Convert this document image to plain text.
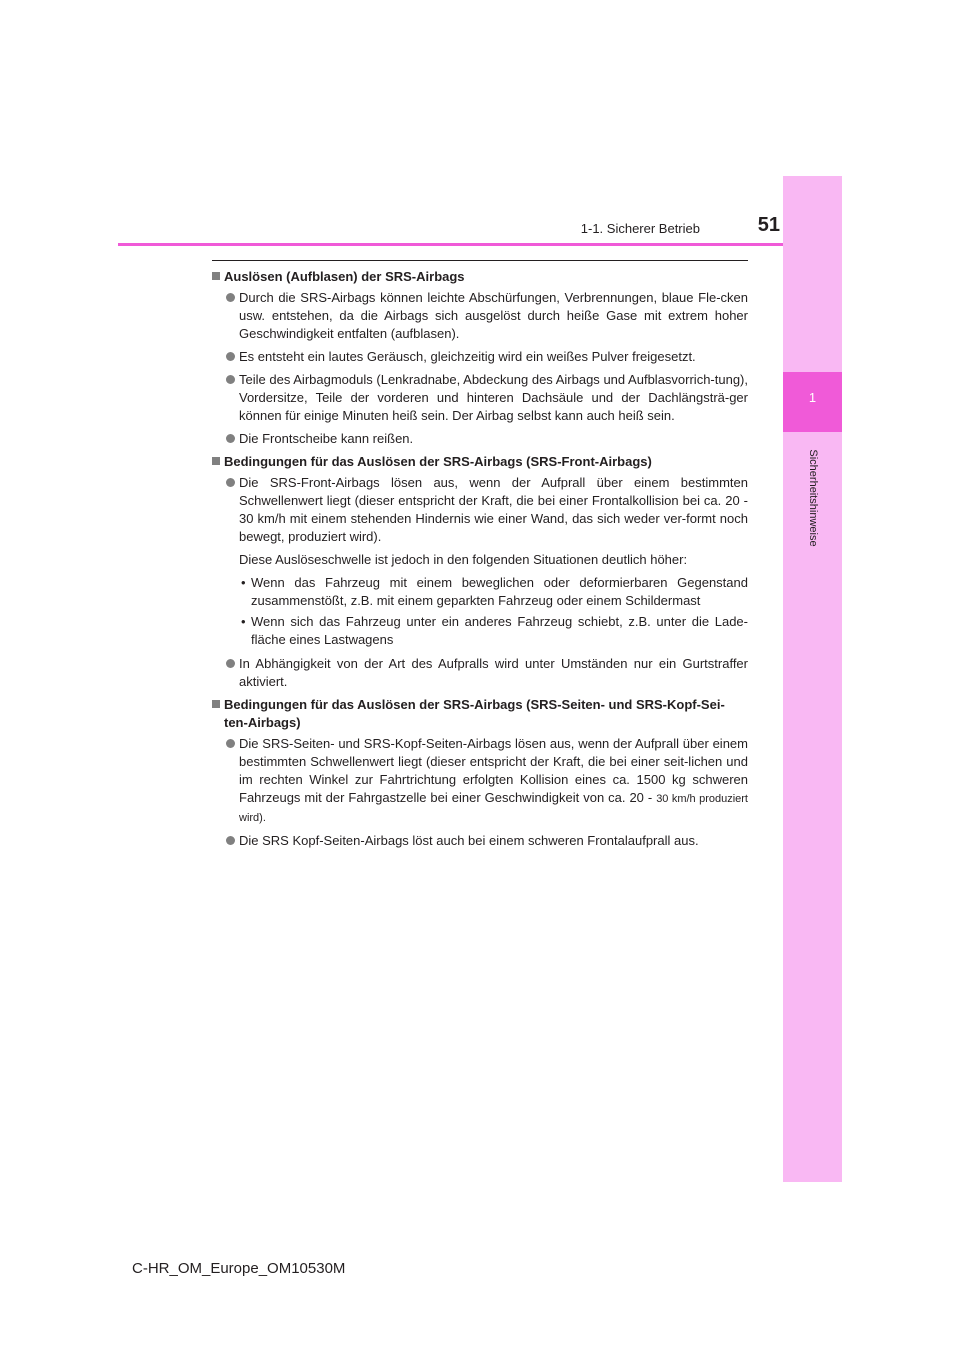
1
Sicherheitshinweise
1-1. Sicherer Betrieb	51
Auslösen (Aufblasen) der SRS-Airbags
Durch die SRS-Airbags können leichte Abschürfungen, Verbrennungen, blaue Fle-cken usw. entstehen, da die Airbags sich ausgelöst durch heiße Gase mit extrem hoher Geschwindigkeit entfalten (aufblasen).
Es entsteht ein lautes Geräusch, gleichzeitig wird ein weißes Pulver freigesetzt.
Teile des Airbagmoduls (Lenkradnabe, Abdeckung des Airbags und Aufblasvorrich-tung), Vordersitze, Teile der vorderen und hinteren Dachsäule und der Dachlängsträ-ger können für einige Minuten heiß sein. Der Airbag selbst kann auch heiß sein.
Die Frontscheibe kann reißen.
Bedingungen für das Auslösen der SRS-Airbags (SRS-Front-Airbags)
Die SRS-Front-Airbags lösen aus, wenn der Aufprall über einem bestimmten Schwellenwert liegt (dieser entspricht der Kraft, die bei einer Frontalkollision bei ca. 20 - 30 km/h mit einem stehenden Hindernis wie einer Wand, das sich weder ver-formt noch bewegt, produziert wird).
Diese Auslöseschwelle ist jedoch in den folgenden Situationen deutlich höher:
• Wenn das Fahrzeug mit einem beweglichen oder deformierbaren Gegenstand zusammenstößt, z.B. mit einem geparkten Fahrzeug oder einem Schildermast
• Wenn sich das Fahrzeug unter ein anderes Fahrzeug schiebt, z.B. unter die Lade-fläche eines Lastwagens
In Abhängigkeit von der Art des Aufpralls wird unter Umständen nur ein Gurtstraffer aktiviert.
Bedingungen für das Auslösen der SRS-Airbags (SRS-Seiten- und SRS-Kopf-Sei-ten-Airbags)
Die SRS-Seiten- und SRS-Kopf-Seiten-Airbags lösen aus, wenn der Aufprall über einem bestimmten Schwellenwert liegt (dieser entspricht der Kraft, die bei einer seit-lichen und im rechten Winkel zur Fahrtrichtung erfolgten Kollision eines ca. 1500 kg schweren Fahrzeugs mit der Fahrgastzelle bei einer Geschwindigkeit von ca. 20 - 30 km/h produziert wird).
Die SRS Kopf-Seiten-Airbags löst auch bei einem schweren Frontalaufprall aus.
C-HR_OM_Europe_OM10530M
